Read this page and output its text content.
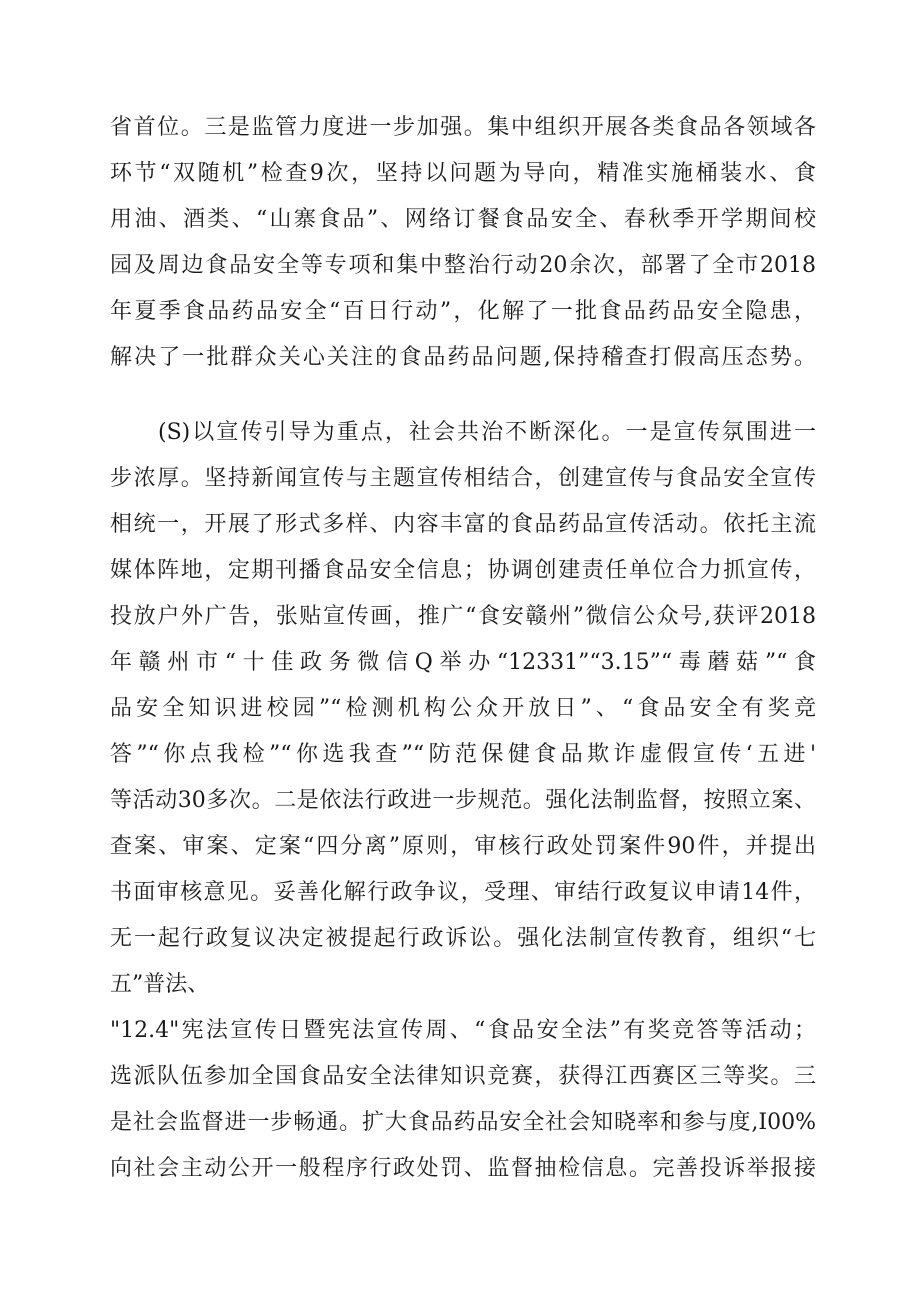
省首位。三是监管力度进一步加强。集中组织开展各类食品各领域各

环节“双随机”检查9次，坚持以问题为导向，精准实施桶装水、食

用油、酒类、“山寨食品”、网络订餐食品安全、春秋季开学期间校

园及周边食品安全等专项和集中整治行动20余次，部署了全市2018

年夏季食品药品安全“百日行动”，化解了一批食品药品安全隐患，

解决了一批群众关心关注的食品药品问题,保持稽查打假高压态势。

(S)以宣传引导为重点，社会共治不断深化。一是宣传氛围进一

步浓厚。坚持新闻宣传与主题宣传相结合，创建宣传与食品安全宣传

相统一，开展了形式多样、内容丰富的食品药品宣传活动。依托主流

媒体阵地，定期刊播食品安全信息；协调创建责任单位合力抓宣传，

投放户外广告，张贴宣传画，推广“食安赣州”微信公众号,获评2018

年赣州市“十佳政务微信Q举办“12331”“3.15”“毒蘑菇”“食

品安全知识进校园”“检测机构公众开放日”、“食品安全有奖竞

答”“你点我检”“你选我查”“防范保健食品欺诈虚假宣传‘五进'

等活动30多次。二是依法行政进一步规范。强化法制监督，按照立案、

查案、审案、定案“四分离”原则，审核行政处罚案件90件，并提出

书面审核意见。妥善化解行政争议，受理、审结行政复议申请14件，

无一起行政复议决定被提起行政诉讼。强化法制宣传教育，组织“七

五”普法、

"12.4"宪法宣传日暨宪法宣传周、“食品安全法”有奖竞答等活动；

选派队伍参加全国食品安全法律知识竞赛，获得江西赛区三等奖。三

是社会监督进一步畅通。扩大食品药品安全社会知晓率和参与度,I00%

向社会主动公开一般程序行政处罚、监督抽检信息。完善投诉举报接
